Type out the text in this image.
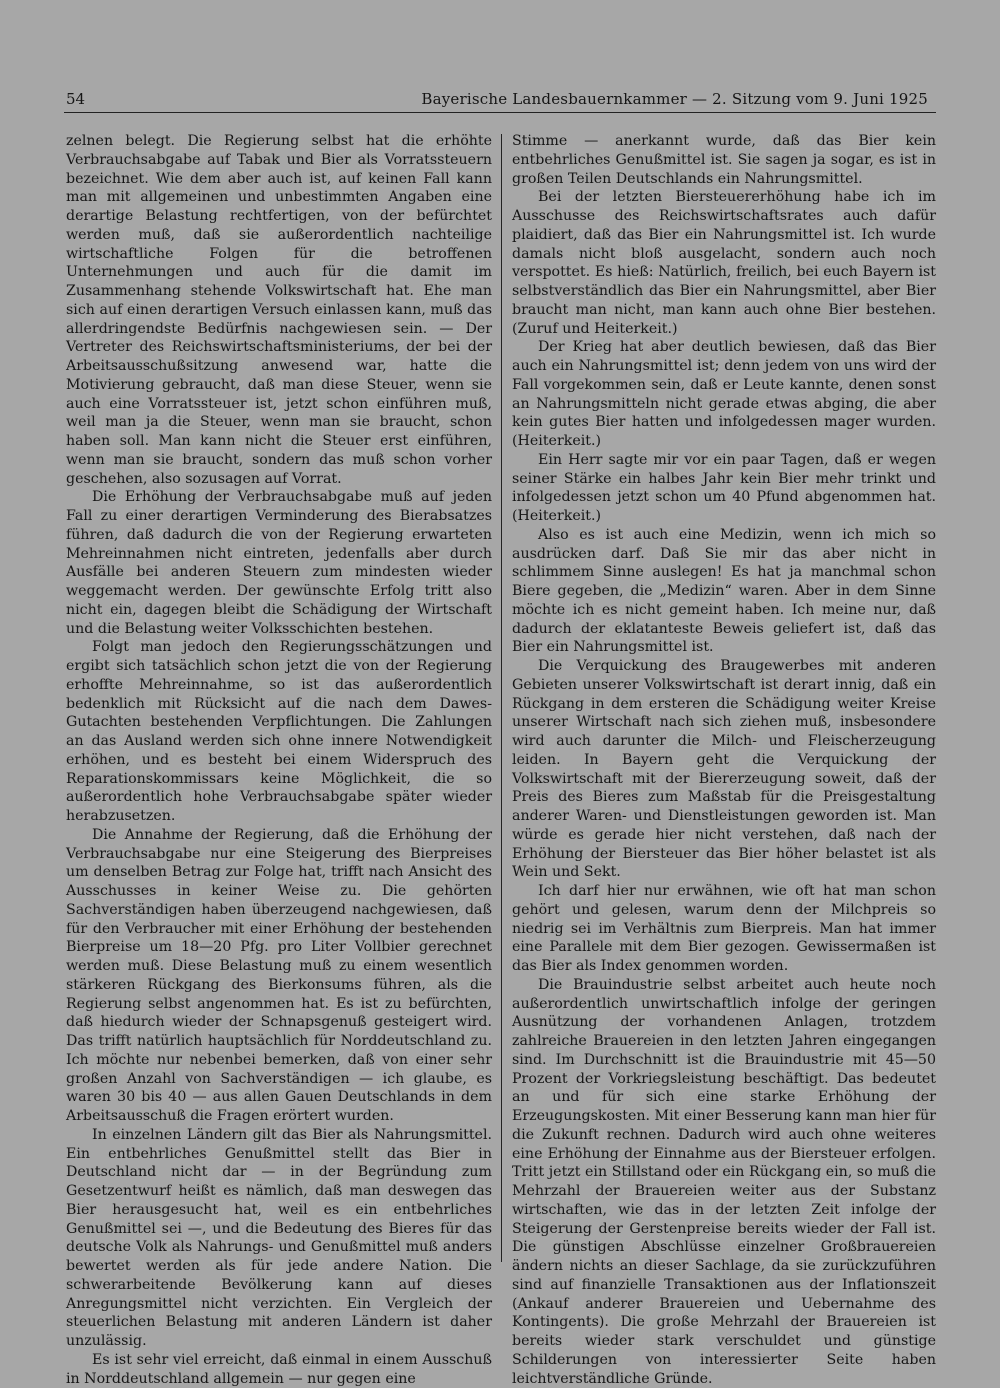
54	Bayerische Landesbauernkammer — 2. Sitzung vom 9. Juni 1925

zelnen belegt. Die Regierung selbst hat die erhöhte Verbrauchsabgabe auf Tabak und Bier als Vorratssteuern bezeichnet. Wie dem aber auch ist, auf keinen Fall kann man mit allgemeinen und unbestimmten Angaben eine derartige Belastung rechtfertigen, von der befürchtet werden muß, daß sie außerordentlich nachteilige wirtschaftliche Folgen für die betroffenen Unternehmungen und auch für die damit im Zusammenhang stehende Volkswirtschaft hat. Ehe man sich auf einen derartigen Versuch einlassen kann, muß das allerdringendste Bedürfnis nachgewiesen sein. — Der Vertreter des Reichswirtschaftsministeriums, der bei der Arbeitsausschußsitzung anwesend war, hatte die Motivierung gebraucht, daß man diese Steuer, wenn sie auch eine Vorratssteuer ist, jetzt schon einführen muß, weil man ja die Steuer, wenn man sie braucht, schon haben soll. Man kann nicht die Steuer erst einführen, wenn man sie braucht, sondern das muß schon vorher geschehen, also sozusagen auf Vorrat.

Die Erhöhung der Verbrauchsabgabe muß auf jeden Fall zu einer derartigen Verminderung des Bierabsatzes führen, daß dadurch die von der Regierung erwarteten Mehreinnahmen nicht eintreten, jedenfalls aber durch Ausfälle bei anderen Steuern zum mindesten wieder weggemacht werden. Der gewünschte Erfolg tritt also nicht ein, dagegen bleibt die Schädigung der Wirtschaft und die Belastung weiter Volksschichten bestehen.

Folgt man jedoch den Regierungsschätzungen und ergibt sich tatsächlich schon jetzt die von der Regierung erhoffte Mehreinnahme, so ist das außerordentlich bedenklich mit Rücksicht auf die nach dem Dawes-Gutachten bestehenden Verpflichtungen. Die Zahlungen an das Ausland werden sich ohne innere Notwendigkeit erhöhen, und es besteht bei einem Widerspruch des Reparationskommissars keine Möglichkeit, die so außerordentlich hohe Verbrauchsabgabe später wieder herabzusetzen.

Die Annahme der Regierung, daß die Erhöhung der Verbrauchsabgabe nur eine Steigerung des Bierpreises um denselben Betrag zur Folge hat, trifft nach Ansicht des Ausschusses in keiner Weise zu. Die gehörten Sachverständigen haben überzeugend nachgewiesen, daß für den Verbraucher mit einer Erhöhung der bestehenden Bierpreise um 18—20 Pfg. pro Liter Vollbier gerechnet werden muß. Diese Belastung muß zu einem wesentlich stärkeren Rückgang des Bierkonsums führen, als die Regierung selbst angenommen hat. Es ist zu befürchten, daß hiedurch wieder der Schnapsgenuß gesteigert wird. Das trifft natürlich hauptsächlich für Norddeutschland zu. Ich möchte nur nebenbei bemerken, daß von einer sehr großen Anzahl von Sachverständigen — ich glaube, es waren 30 bis 40 — aus allen Gauen Deutschlands in dem Arbeitsausschuß die Fragen erörtert wurden.

In einzelnen Ländern gilt das Bier als Nahrungsmittel. Ein entbehrliches Genußmittel stellt das Bier in Deutschland nicht dar — in der Begründung zum Gesetzentwurf heißt es nämlich, daß man deswegen das Bier herausgesucht hat, weil es ein entbehrliches Genußmittel sei —, und die Bedeutung des Bieres für das deutsche Volk als Nahrungs- und Genußmittel muß anders bewertet werden als für jede andere Nation. Die schwerarbeitende Bevölkerung kann auf dieses Anregungsmittel nicht verzichten. Ein Vergleich der steuerlichen Belastung mit anderen Ländern ist daher unzulässig.

Es ist sehr viel erreicht, daß einmal in einem Ausschuß in Norddeutschland allgemein — nur gegen eine

Stimme — anerkannt wurde, daß das Bier kein entbehrliches Genußmittel ist. Sie sagen ja sogar, es ist in großen Teilen Deutschlands ein Nahrungsmittel.

Bei der letzten Biersteuererhöhung habe ich im Ausschusse des Reichswirtschaftsrates auch dafür plaidiert, daß das Bier ein Nahrungsmittel ist. Ich wurde damals nicht bloß ausgelacht, sondern auch noch verspottet. Es hieß: Natürlich, freilich, bei euch Bayern ist selbstverständlich das Bier ein Nahrungsmittel, aber Bier braucht man nicht, man kann auch ohne Bier bestehen. (Zuruf und Heiterkeit.)

Der Krieg hat aber deutlich bewiesen, daß das Bier auch ein Nahrungsmittel ist; denn jedem von uns wird der Fall vorgekommen sein, daß er Leute kannte, denen sonst an Nahrungsmitteln nicht gerade etwas abging, die aber kein gutes Bier hatten und infolgedessen mager wurden. (Heiterkeit.)

Ein Herr sagte mir vor ein paar Tagen, daß er wegen seiner Stärke ein halbes Jahr kein Bier mehr trinkt und infolgedessen jetzt schon um 40 Pfund abgenommen hat. (Heiterkeit.)

Also es ist auch eine Medizin, wenn ich mich so ausdrücken darf. Daß Sie mir das aber nicht in schlimmem Sinne auslegen! Es hat ja manchmal schon Biere gegeben, die „Medizin“ waren. Aber in dem Sinne möchte ich es nicht gemeint haben. Ich meine nur, daß dadurch der eklatanteste Beweis geliefert ist, daß das Bier ein Nahrungsmittel ist.

Die Verquickung des Braugewerbes mit anderen Gebieten unserer Volkswirtschaft ist derart innig, daß ein Rückgang in dem ersteren die Schädigung weiter Kreise unserer Wirtschaft nach sich ziehen muß, insbesondere wird auch darunter die Milch- und Fleischerzeugung leiden. In Bayern geht die Verquickung der Volkswirtschaft mit der Biererzeugung soweit, daß der Preis des Bieres zum Maßstab für die Preisgestaltung anderer Waren- und Dienstleistungen geworden ist. Man würde es gerade hier nicht verstehen, daß nach der Erhöhung der Biersteuer das Bier höher belastet ist als Wein und Sekt.

Ich darf hier nur erwähnen, wie oft hat man schon gehört und gelesen, warum denn der Milchpreis so niedrig sei im Verhältnis zum Bierpreis. Man hat immer eine Parallele mit dem Bier gezogen. Gewissermaßen ist das Bier als Index genommen worden.

Die Brauindustrie selbst arbeitet auch heute noch außerordentlich unwirtschaftlich infolge der geringen Ausnützung der vorhandenen Anlagen, trotzdem zahlreiche Brauereien in den letzten Jahren eingegangen sind. Im Durchschnitt ist die Brauindustrie mit 45—50 Prozent der Vorkriegsleistung beschäftigt. Das bedeutet an und für sich eine starke Erhöhung der Erzeugungskosten. Mit einer Besserung kann man hier für die Zukunft rechnen. Dadurch wird auch ohne weiteres eine Erhöhung der Einnahme aus der Biersteuer erfolgen. Tritt jetzt ein Stillstand oder ein Rückgang ein, so muß die Mehrzahl der Brauereien weiter aus der Substanz wirtschaften, wie das in der letzten Zeit infolge der Steigerung der Gerstenpreise bereits wieder der Fall ist. Die günstigen Abschlüsse einzelner Großbrauereien ändern nichts an dieser Sachlage, da sie zurückzuführen sind auf finanzielle Transaktionen aus der Inflationszeit (Ankauf anderer Brauereien und Uebernahme des Kontingents). Die große Mehrzahl der Brauereien ist bereits wieder stark verschuldet und günstige Schilderungen von interessierter Seite haben leichtverständliche Gründe.
